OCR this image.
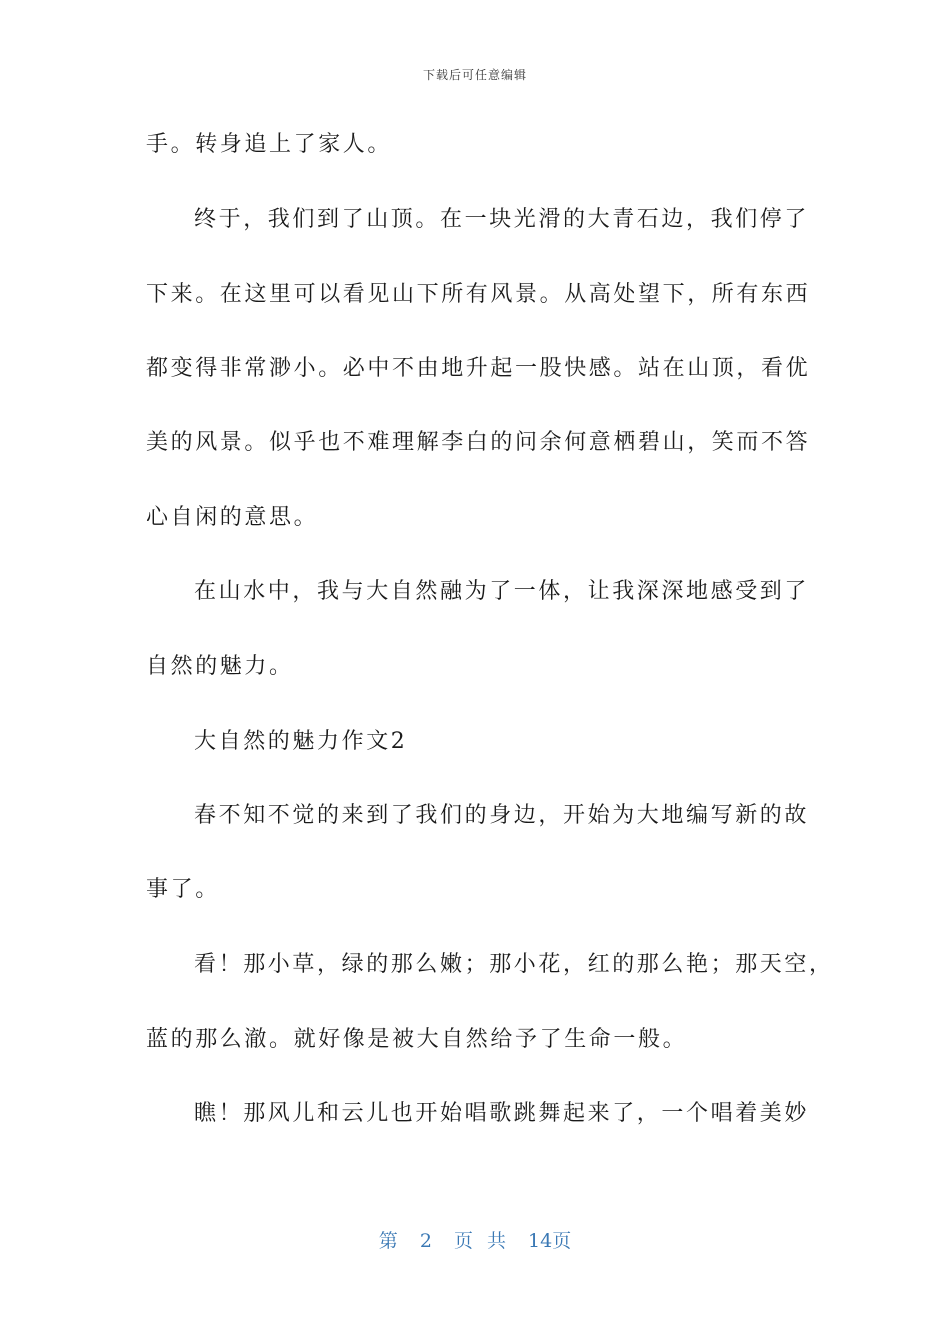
下载后可任意编辑
手。转身追上了家人。
终于，我们到了山顶。在一块光滑的大青石边，我们停了
下来。在这里可以看见山下所有风景。从高处望下，所有东西
都变得非常渺小。必中不由地升起一股快感。站在山顶，看优
美的风景。似乎也不难理解李白的问余何意栖碧山，笑而不答
心自闲的意思。
在山水中，我与大自然融为了一体，让我深深地感受到了
自然的魅力。
大自然的魅力作文2
春不知不觉的来到了我们的身边，开始为大地编写新的故
事了。
看！那小草，绿的那么嫩；那小花，红的那么艳；那天空，
蓝的那么澈。就好像是被大自然给予了生命一般。
瞧！那风儿和云儿也开始唱歌跳舞起来了，一个唱着美妙
第 2 页 共 14页
